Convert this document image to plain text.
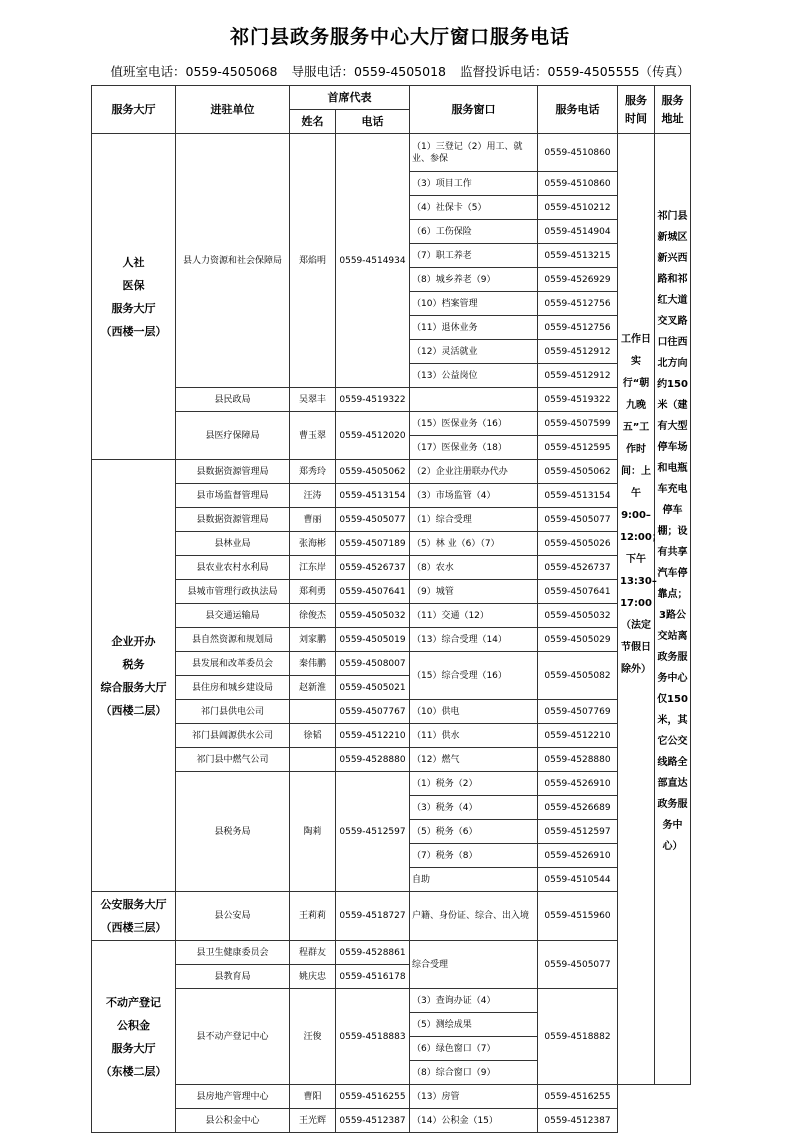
祁门县政务服务中心大厅窗口服务电话
值班室电话：0559-4505068 导服电话：0559-4505018 监督投诉电话：0559-4505555（传真）
服务大厅	进驻单位	首席代表		服务窗口	服务电话	服务时间	服务地址
		姓名	电话				

人社
医保
服务大厅
（西楼一层）	县人力资源和社会保障局	郑焰明	0559-4514934	（1）三登记（2）用工、就业、参保	0559-4510860	工作日实行“朝九晚五”工作时间：上午9:00–12:00；下午13:30–17:00（法定节假日除外）	祁门县新城区新兴西路和祁红大道交叉路口往西北方向约150米（建有大型停车场和电瓶车充电停车棚；设有共享汽车停靠点；3路公交站离政务服务中心仅150米，其它公交线路全部直达政务服务中心）
				（3）项目工作	0559-4510860		
				（4）社保卡（5）	0559-4510212		
				（6）工伤保险	0559-4514904		
				（7）职工养老	0559-4513215		
				（8）城乡养老（9）	0559-4526929		
				（10）档案管理	0559-4512756		
				（11）退休业务	0559-4512756		
				（12）灵活就业	0559-4512912		
				（13）公益岗位	0559-4512912		
	县民政局	吴翠丰	0559-4519322		0559-4519322		
	县医疗保障局	曹玉翠	0559-4512020	（15）医保业务（16）	0559-4507599		
				（17）医保业务（18）	0559-4512595		

企业开办
税务
综合服务大厅
（西楼二层）	县数据资源管理局	郑秀玲	0559-4505062	（2）企业注册联办代办	0559-4505062		
	县市场监督管理局	汪涛	0559-4513154	（3）市场监管（4）	0559-4513154		
	县数据资源管理局	曹丽	0559-4505077	（1）综合受理	0559-4505077		
	县林业局	张海彬	0559-4507189	（5）林 业（6）（7）	0559-4505026		
	县农业农村水利局	江东岸	0559-4526737	（8）农水	0559-4526737		
	县城市管理行政执法局	郑利勇	0559-4507641	（9）城管	0559-4507641		
	县交通运输局	徐俊杰	0559-4505032	（11）交通（12）	0559-4505032		
	县自然资源和规划局	刘家鹏	0559-4505019	（13）综合受理（14）	0559-4505029		
	县发展和改革委员会	秦伟鹏	0559-4508007	（15）综合受理（16）	0559-4505082		
	县住房和城乡建设局	赵新淮	0559-4505021				
	祁门县供电公司		0559-4507767	（10）供电	0559-4507769		
	祁门县阊源供水公司	徐韬	0559-4512210	（11）供水	0559-4512210		
	祁门县中燃气公司		0559-4528880	（12）燃气	0559-4528880		
	县税务局	陶莉	0559-4512597	（1）税务（2）	0559-4526910		
				（3）税务（4）	0559-4526689		
				（5）税务（6）	0559-4512597		
				（7）税务（8）	0559-4526910		
				自助	0559-4510544		

公安服务大厅
（西楼三层）	县公安局	王莉莉	0559-4518727	户籍、身份证、综合、出入境	0559-4515960		

不动产登记
公积金
服务大厅
（东楼二层）	县卫生健康委员会	程群友	0559-4528861	综合受理	0559-4505077		
	县教育局	姚庆忠	0559-4516178				
	县不动产登记中心	汪俊	0559-4518883	（3）查询办证（4）	0559-4518882		
				（5）测绘成果			
				（6）绿色窗口（7）			
				（8）综合窗口（9）			
	县房地产管理中心	曹阳	0559-4516255	（13）房管	0559-4516255		
	县公积金中心	王光辉	0559-4512387	（14）公积金（15）	0559-4512387		
